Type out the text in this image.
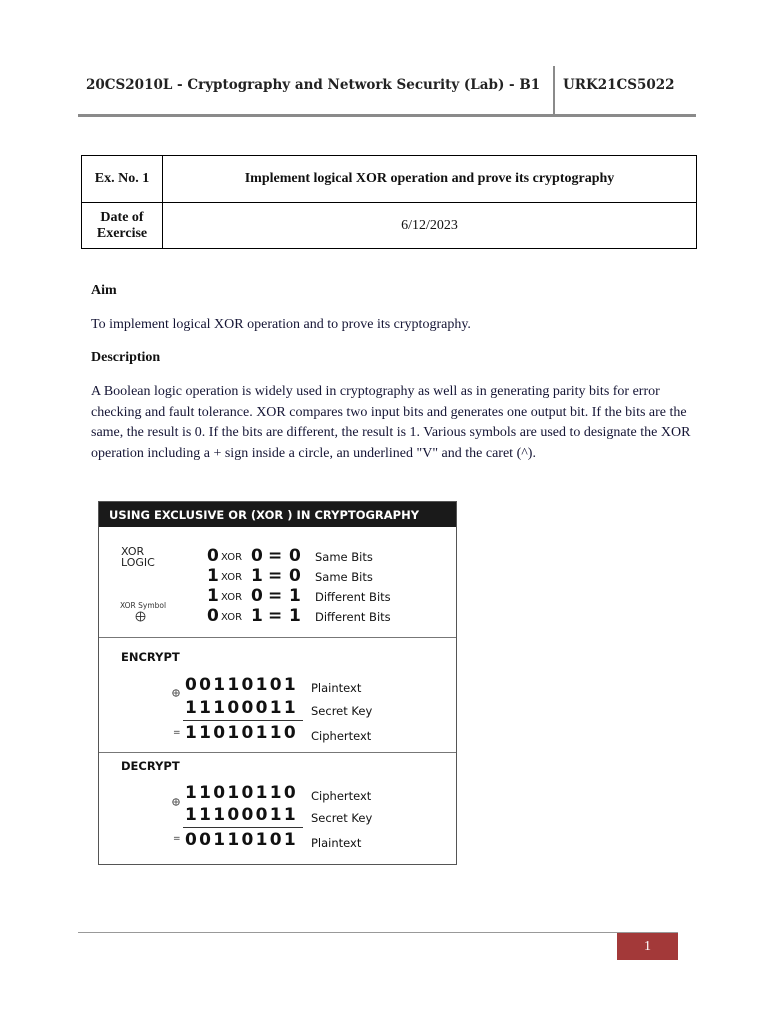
20CS2010L - Cryptography and Network Security (Lab) - B1 URK21CS5022
Ex. No. 1	Implement logical XOR operation and prove its cryptography
Date of Exercise	6/12/2023
Aim
To implement logical XOR operation and to prove its cryptography.
Description
A Boolean logic operation is widely used in cryptography as well as in generating parity bits for error checking and fault tolerance. XOR compares two input bits and generates one output bit. If the bits are the same, the result is 0. If the bits are different, the result is 1. Various symbols are used to designate the XOR operation including a + sign inside a circle, an underlined "V" and the caret (^).
USING EXCLUSIVE OR (XOR ) IN CRYPTOGRAPHY
XOR
LOGIC
XOR Symbol
0 XOR 0 = 0 Same Bits
1 XOR 1 = 0 Same Bits
1 XOR 0 = 1 Different Bits
0 XOR 1 = 1 Different Bits
ENCRYPT
00110101 Plaintext
11100011 Secret Key
= 11010110 Ciphertext
DECRYPT
11010110 Ciphertext
11100011 Secret Key
= 00110101 Plaintext
1
